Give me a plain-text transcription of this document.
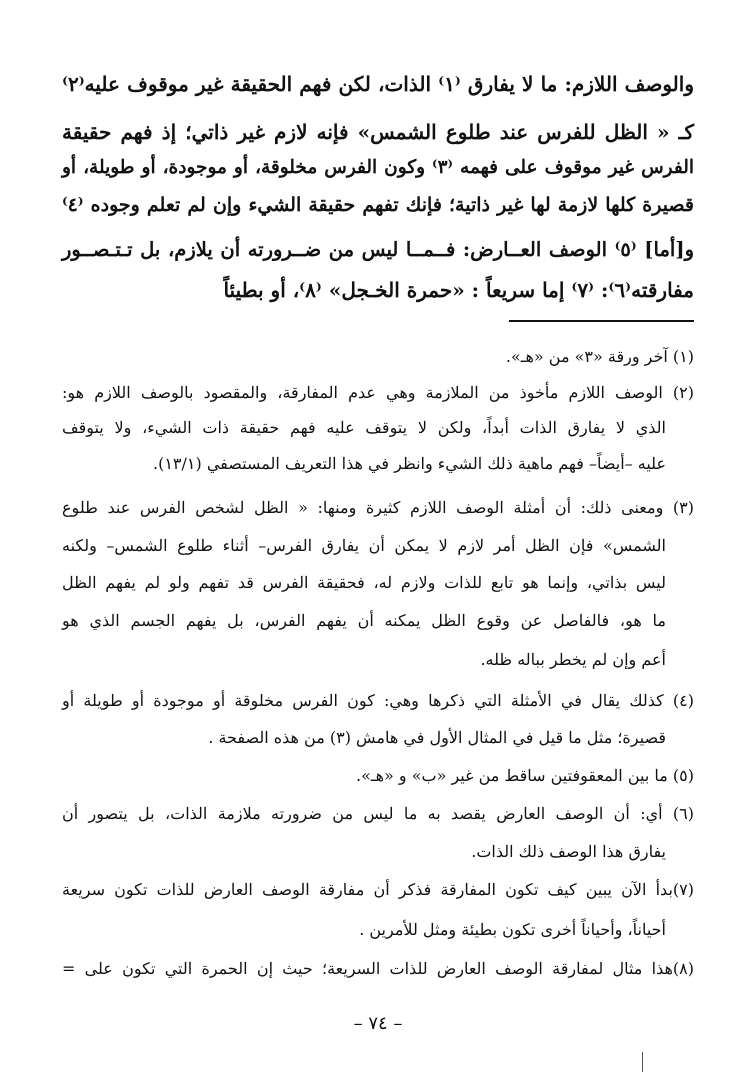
والوصف اللازم: ما لا يفارق ⁽١⁾ الذات، لكن فهم الحقيقة غير موقوف عليه⁽٢⁾
كـ « الظل للفرس عند طلوع الشمس» فإنه لازم غير ذاتي؛ إذ فهم حقيقة
الفرس غير موقوف على فهمه ⁽٣⁾ وكون الفرس مخلوقة، أو موجودة، أو طويلة، أو
قصيرة كلها لازمة لها غير ذاتية؛ فإنك تفهم حقيقة الشيء وإن لم تعلم وجوده ⁽٤⁾
و[أما] ⁽٥⁾ الوصف العــارض: فــمــا ليس من ضــرورته أن يلازم، بل تـتـصــور
مفارقته⁽٦⁾: ⁽٧⁾ إما سريعاً : «حمرة الخـجل» ⁽٨⁾، أو بطيئاً
(١) آخر ورقة «٣» من «هـ».
(٢) الوصف اللازم مأخوذ من الملازمة وهي عدم المفارقة، والمقصود بالوصف اللازم هو:
الذي لا يفارق الذات أبداً، ولكن لا يتوقف عليه فهم حقيقة ذات الشيء، ولا يتوقف
عليه –أيضاً– فهم ماهية ذلك الشيء وانظر في هذا التعريف المستصفي (١٣/١).
(٣) ومعنى ذلك: أن أمثلة الوصف اللازم كثيرة ومنها: « الظل لشخص الفرس عند طلوع
الشمس» فإن الظل أمر لازم لا يمكن أن يفارق الفرس– أثناء طلوع الشمس– ولكنه
ليس بذاتي، وإنما هو تابع للذات ولازم له، فحقيقة الفرس قد تفهم ولو لم يفهم الظل
ما هو، فالفاصل عن وقوع الظل يمكنه أن يفهم الفرس، بل يفهم الجسم الذي هو
أعم وإن لم يخطر بباله ظله.
(٤) كذلك يقال في الأمثلة التي ذكرها وهي: كون الفرس مخلوقة أو موجودة أو طويلة أو
قصيرة؛ مثل ما قيل في المثال الأول في هامش (٣) من هذه الصفحة .
(٥) ما بين المعقوفتين ساقط من غير «ب» و «هـ».
(٦) أي: أن الوصف العارض يقصد به ما ليس من ضرورته ملازمة الذات، بل يتصور أن
يفارق هذا الوصف ذلك الذات.
(٧)بدأ الآن يبين كيف تكون المفارقة فذكر أن مفارقة الوصف العارض للذات تكون سريعة
أحياناً، وأحياناً أخرى تكون بطيئة ومثل للأمرين .
(٨)هذا مثال لمفارقة الوصف العارض للذات السريعة؛ حيث إن الحمرة التي تكون على =
– ٧٤ –
